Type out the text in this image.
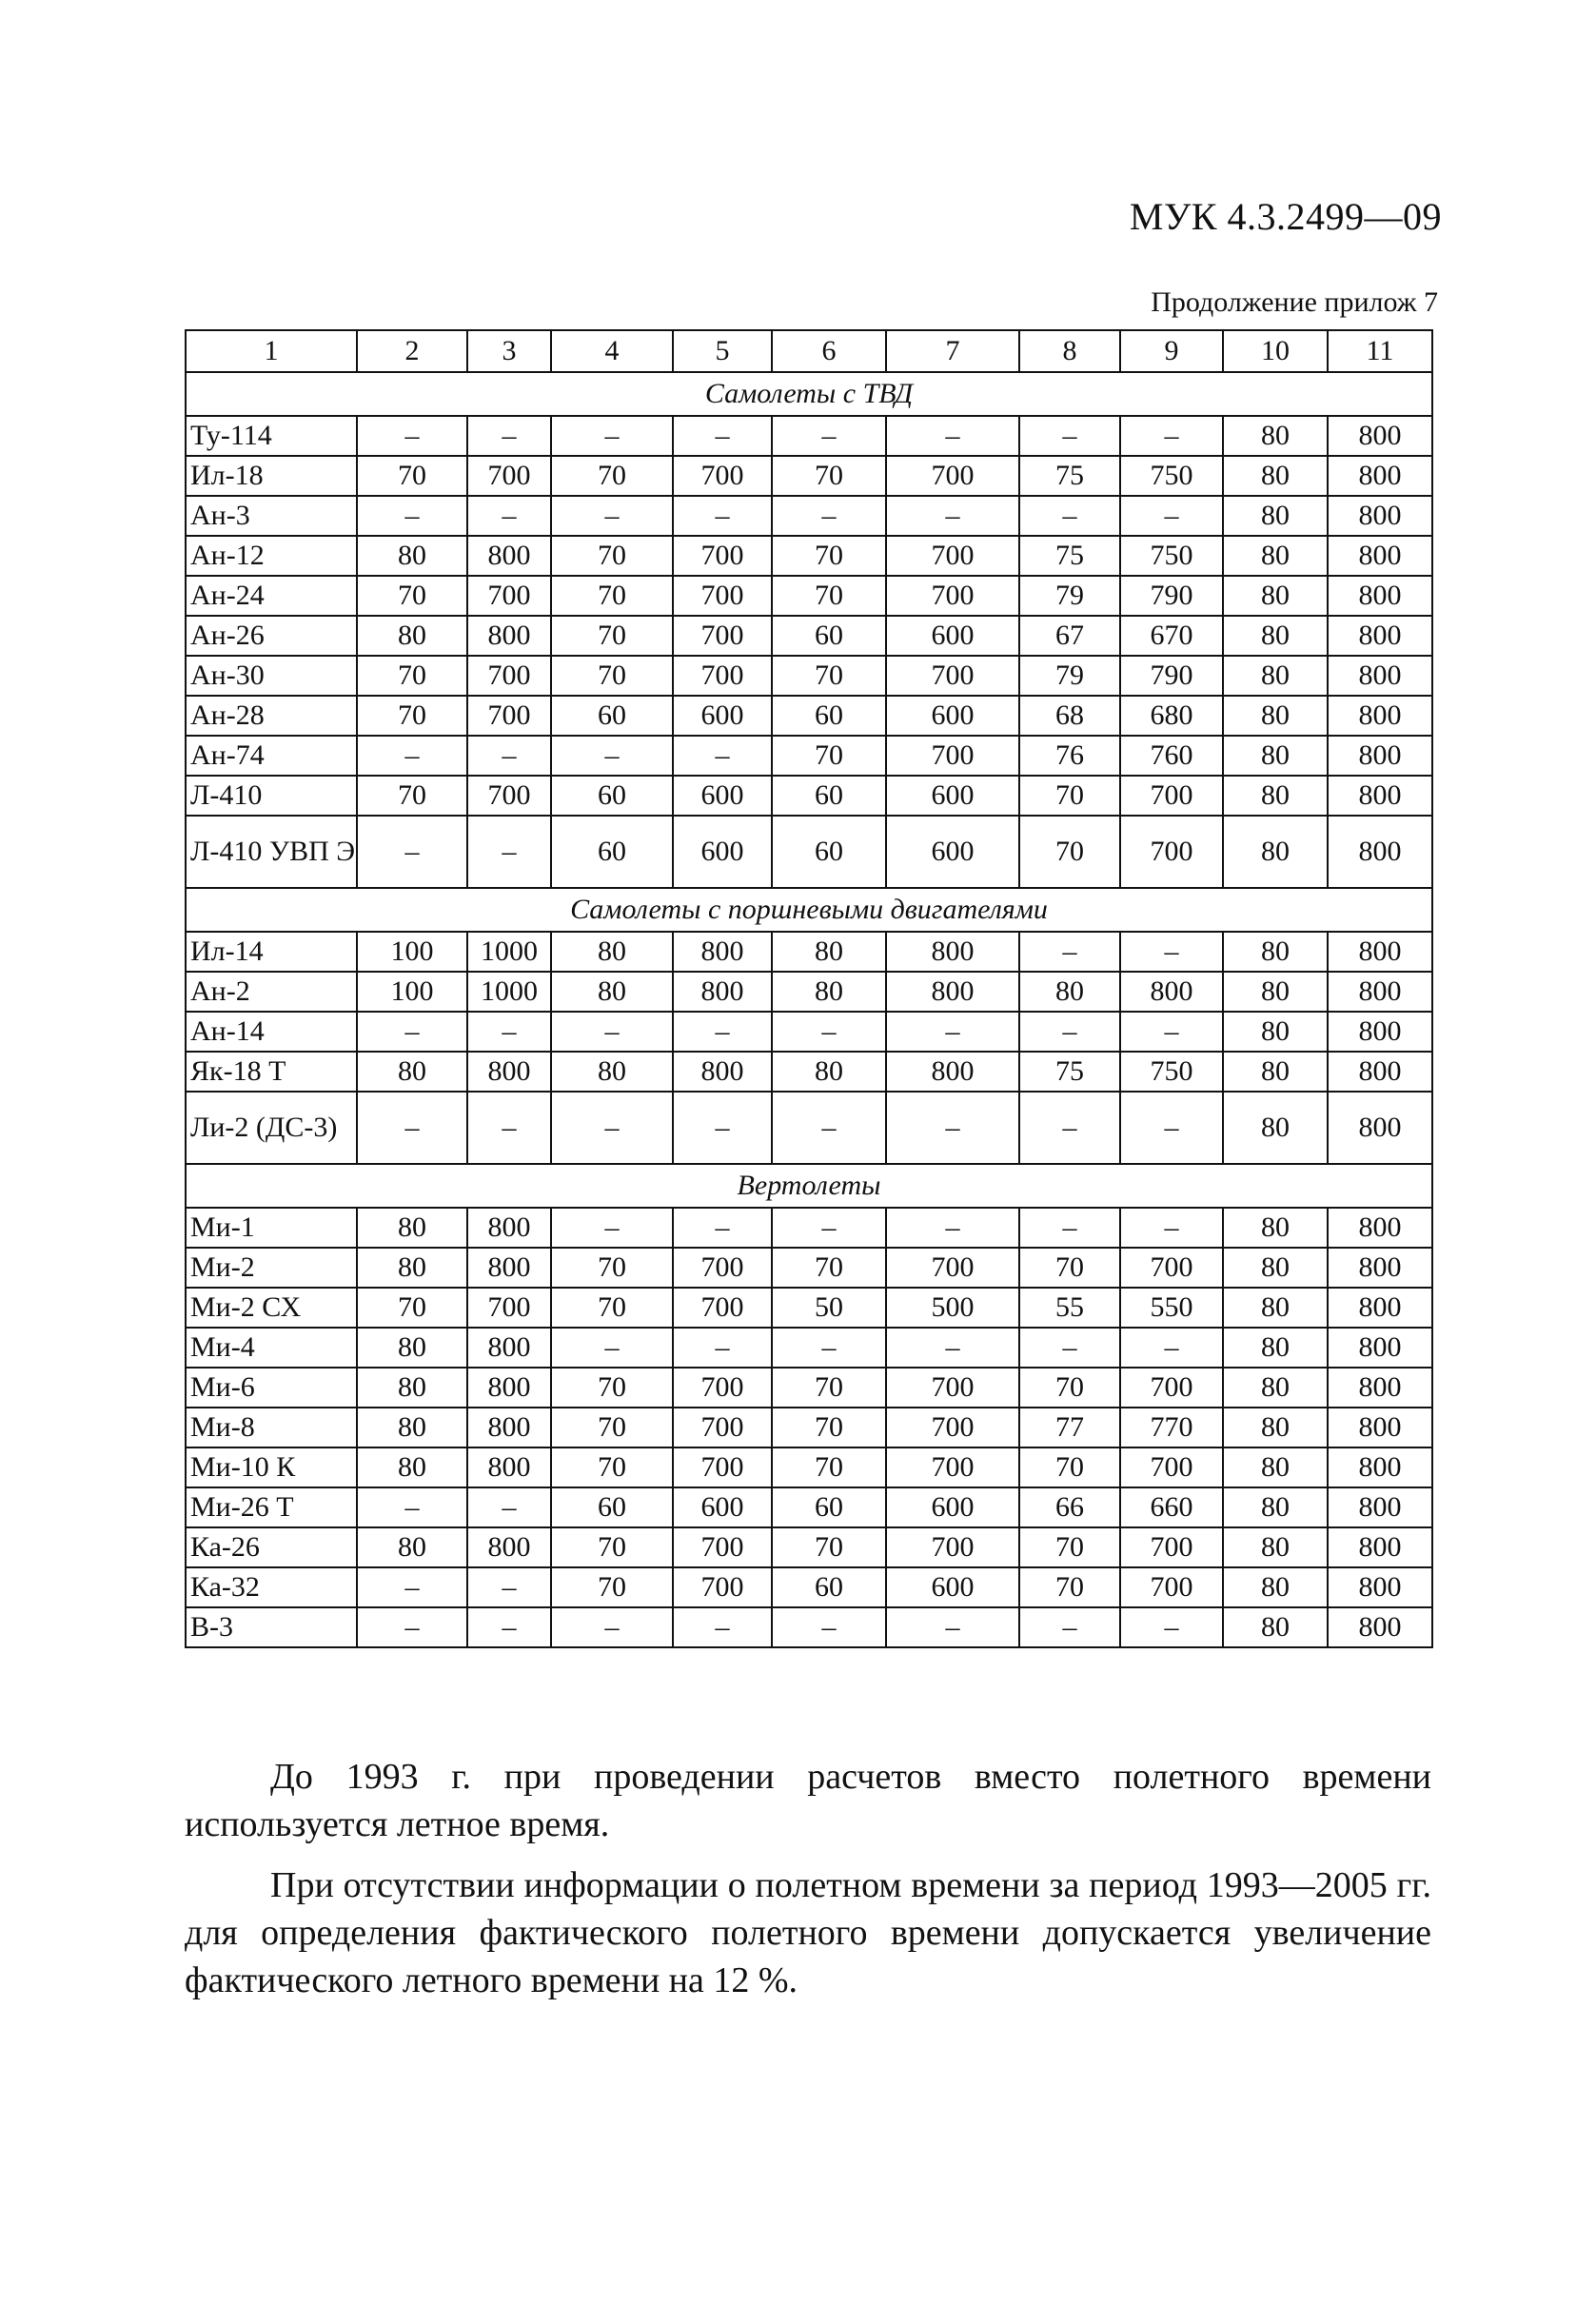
МУК 4.3.2499—09
Продолжение прилож 7
1	2	3	4	5	6	7	8	9	10	11
Самолеты с ТВД										
Ту-114	–	–	–	–	–	–	–	–	80	800
Ил-18	70	700	70	700	70	700	75	750	80	800
Ан-3	–	–	–	–	–	–	–	–	80	800
Ан-12	80	800	70	700	70	700	75	750	80	800
Ан-24	70	700	70	700	70	700	79	790	80	800
Ан-26	80	800	70	700	60	600	67	670	80	800
Ан-30	70	700	70	700	70	700	79	790	80	800
Ан-28	70	700	60	600	60	600	68	680	80	800
Ан-74	–	–	–	–	70	700	76	760	80	800
Л-410	70	700	60	600	60	600	70	700	80	800
Л-410 УВП Э	–	–	60	600	60	600	70	700	80	800
Самолеты с поршневыми двигателями										
Ил-14	100	1000	80	800	80	800	–	–	80	800
Ан-2	100	1000	80	800	80	800	80	800	80	800
Ан-14	–	–	–	–	–	–	–	–	80	800
Як-18 Т	80	800	80	800	80	800	75	750	80	800
Ли-2 (ДС-3)	–	–	–	–	–	–	–	–	80	800
Вертолеты										
Ми-1	80	800	–	–	–	–	–	–	80	800
Ми-2	80	800	70	700	70	700	70	700	80	800
Ми-2 СХ	70	700	70	700	50	500	55	550	80	800
Ми-4	80	800	–	–	–	–	–	–	80	800
Ми-6	80	800	70	700	70	700	70	700	80	800
Ми-8	80	800	70	700	70	700	77	770	80	800
Ми-10 К	80	800	70	700	70	700	70	700	80	800
Ми-26 Т	–	–	60	600	60	600	66	660	80	800
Ка-26	80	800	70	700	70	700	70	700	80	800
Ка-32	–	–	70	700	60	600	70	700	80	800
В-3	–	–	–	–	–	–	–	–	80	800

До 1993 г. при проведении расчетов вместо полетного времени используется летное время.

При отсутствии информации о полетном времени за период 1993—2005 гг. для определения фактического полетного времени допускается увеличение фактического летного времени на 12 %.
